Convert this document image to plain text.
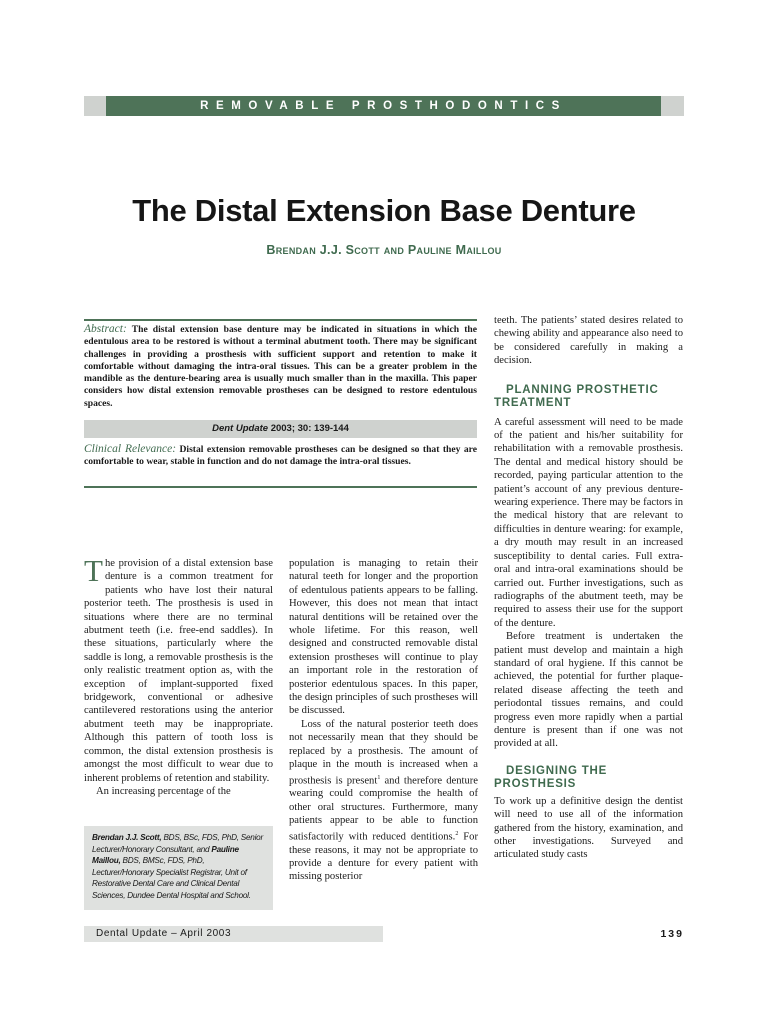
REMOVABLE PROSTHODONTICS
The Distal Extension Base Denture
Brendan J.J. Scott and Pauline Maillou
Abstract: The distal extension base denture may be indicated in situations in which the edentulous area to be restored is without a terminal abutment tooth. There may be significant challenges in providing a prosthesis with sufficient support and retention to make it comfortable without damaging the intra-oral tissues. This can be a greater problem in the mandible as the denture-bearing area is usually much smaller than in the maxilla. This paper considers how distal extension removable prostheses can be designed to restore edentulous spaces.
Dent Update 2003; 30: 139-144
Clinical Relevance: Distal extension removable prostheses can be designed so that they are comfortable to wear, stable in function and do not damage the intra-oral tissues.

The provision of a distal extension base denture is a common treatment for patients who have lost their natural posterior teeth. The prosthesis is used in situations where there are no terminal abutment teeth (i.e. free-end saddles). In these situations, particularly where the saddle is long, a removable prosthesis is the only realistic treatment option as, with the exception of implant-supported fixed bridgework, conventional or adhesive cantilevered restorations using the anterior abutment teeth may be inappropriate. Although this pattern of tooth loss is common, the distal extension prosthesis is amongst the most difficult to wear due to inherent problems of retention and stability.

An increasing percentage of the

population is managing to retain their natural teeth for longer and the proportion of edentulous patients appears to be falling. However, this does not mean that intact natural dentitions will be retained over the whole lifetime. For this reason, well designed and constructed removable distal extension prostheses will continue to play an important role in the restoration of posterior edentulous spaces. In this paper, the design principles of such prostheses will be discussed.

Loss of the natural posterior teeth does not necessarily mean that they should be replaced by a prosthesis. The amount of plaque in the mouth is increased when a prosthesis is present$^1$ and therefore denture wearing could compromise the health of other oral structures. Furthermore, many patients appear to be able to function satisfactorily with reduced dentitions.$^2$ For these reasons, it may not be appropriate to provide a denture for every patient with missing posterior

teeth. The patients’ stated desires related to chewing ability and appearance also need to be considered carefully in making a decision.

PLANNING PROSTHETIC
TREATMENT

A careful assessment will need to be made of the patient and his/her suitability for rehabilitation with a removable prosthesis. The dental and medical history should be recorded, paying particular attention to the patient’s account of any previous denture-wearing experience. There may be factors in the medical history that are relevant to difficulties in denture wearing: for example, a dry mouth may result in an increased susceptibility to dental caries. Full extra-oral and intra-oral examinations should be carried out. Further investigations, such as radiographs of the abutment teeth, may be required to assess their use for the support of the denture.

Before treatment is undertaken the patient must develop and maintain a high standard of oral hygiene. If this cannot be achieved, the potential for further plaque-related disease affecting the teeth and periodontal tissues remains, and could progress even more rapidly when a partial denture is present than if one was not provided at all.

DESIGNING THE
PROSTHESIS

To work up a definitive design the dentist will need to use all of the information gathered from the history, examination, and other investigations. Surveyed and articulated study casts

Brendan J.J. Scott, BDS, BSc, FDS, PhD, Senior Lecturer/Honorary Consultant, and Pauline Maillou, BDS, BMSc, FDS, PhD, Lecturer/Honorary Specialist Registrar, Unit of Restorative Dental Care and Clinical Dental Sciences, Dundee Dental Hospital and School.
Dental Update – April 2003	139
